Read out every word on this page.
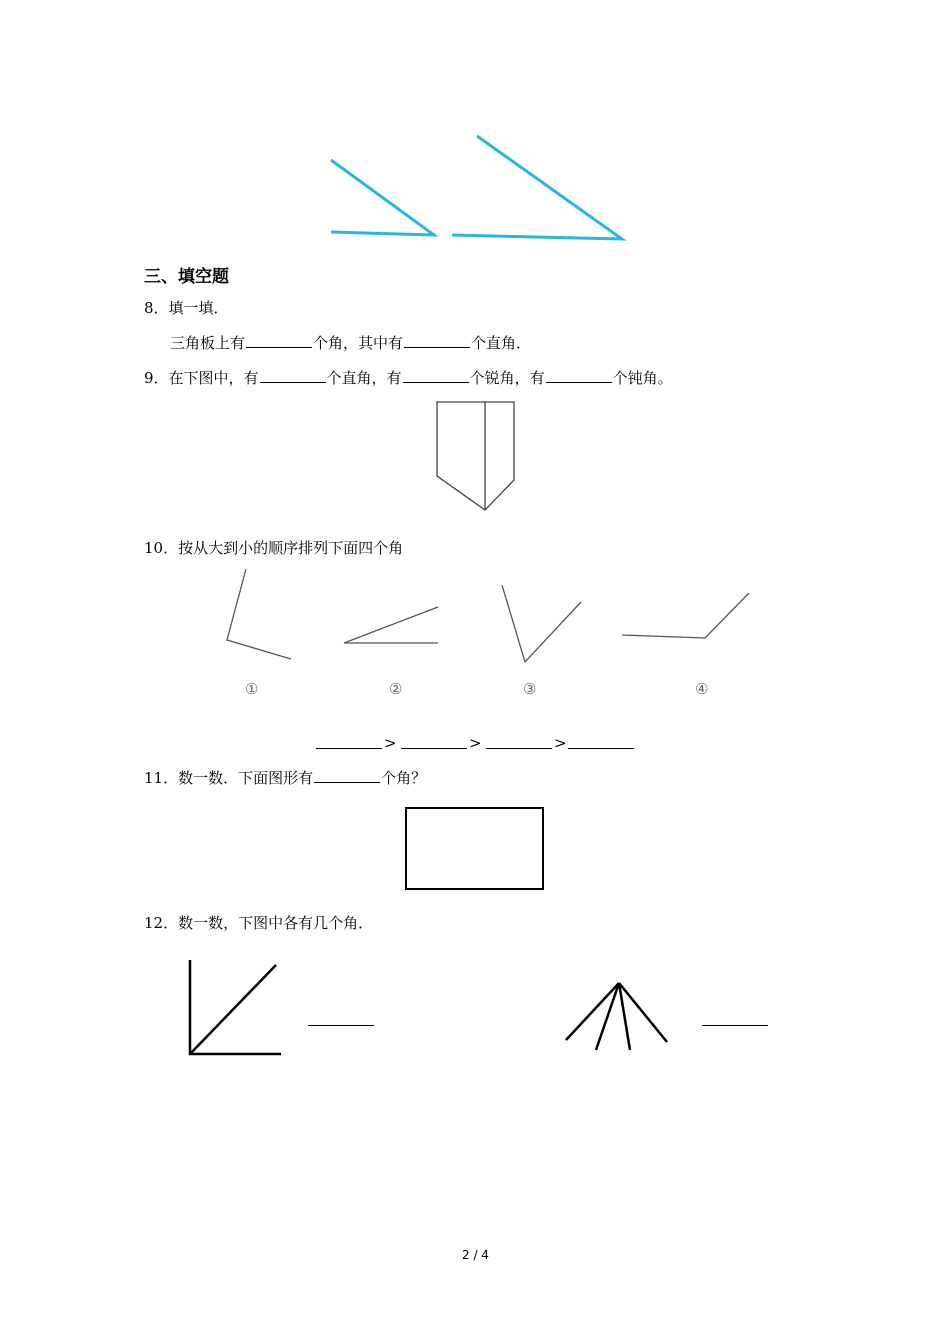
三、填空题
8．填一填．
三角板上有	个角，其中有	个直角．
9．在下图中，有	个直角，有	个锐角，有	个钝角。
10．按从大到小的顺序排列下面四个角
①	②	③	④
>	>	>
11．数一数．下面图形有	个角？
12．数一数，下图中各有几个角．
2 / 4
